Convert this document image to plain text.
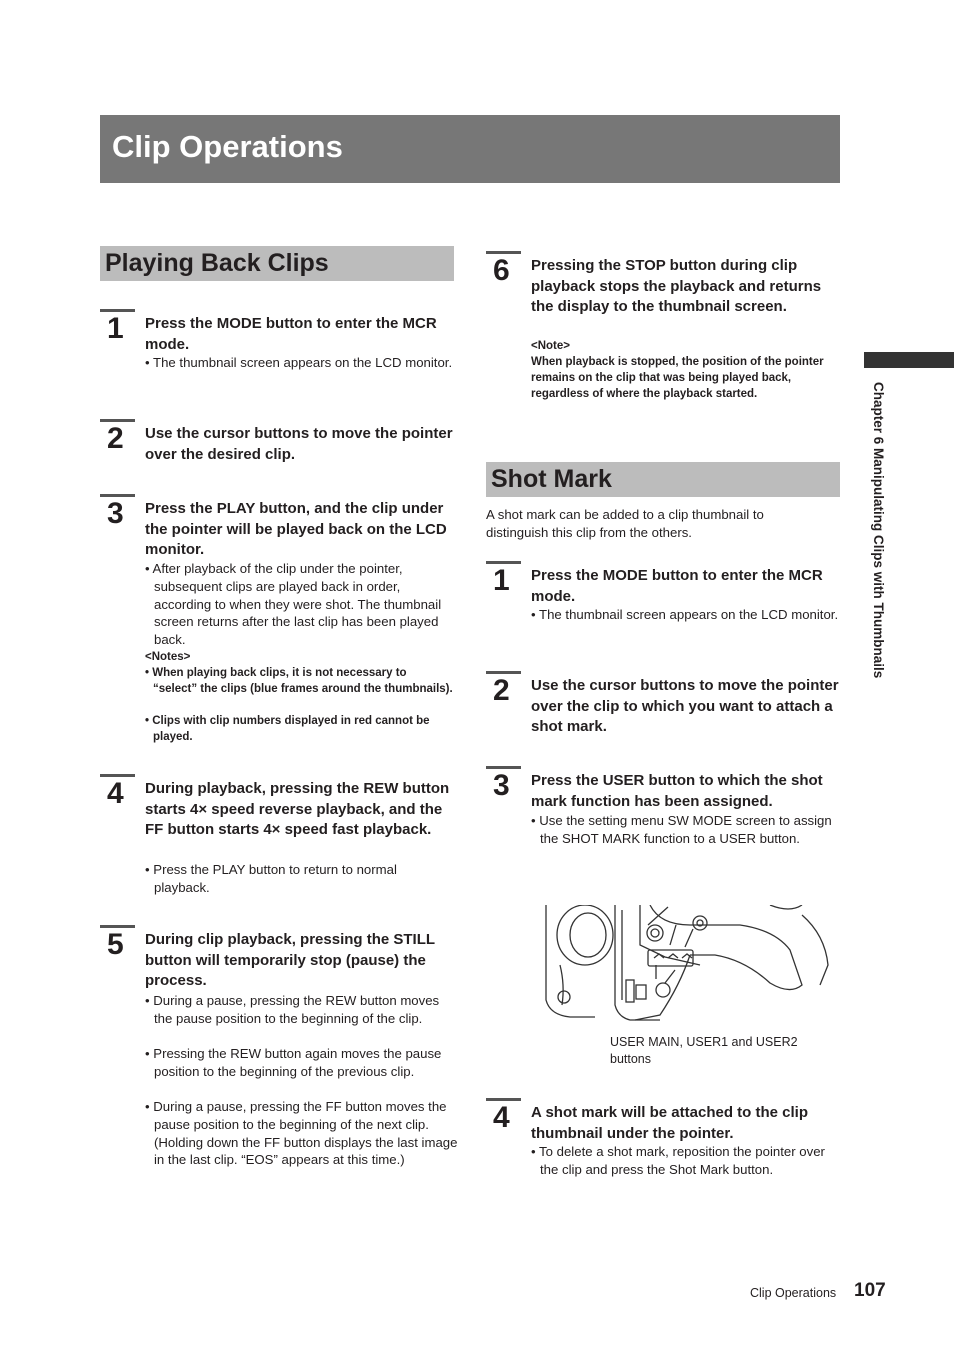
Clip Operations
Playing Back Clips
1 Press the MODE button to enter the MCR mode.
• The thumbnail screen appears on the LCD monitor.
2 Use the cursor buttons to move the pointer over the desired clip.
3 Press the PLAY button, and the clip under the pointer will be played back on the LCD monitor.
• After playback of the clip under the pointer, subsequent clips are played back in order, according to when they were shot. The thumbnail screen returns after the last clip has been played back.
<Notes>
• When playing back clips, it is not necessary to “select” the clips (blue frames around the thumbnails).
• Clips with clip numbers displayed in red cannot be played.
4 During playback, pressing the REW button starts 4× speed reverse playback, and the FF button starts 4× speed fast playback.
• Press the PLAY button to return to normal playback.
5 During clip playback, pressing the STILL button will temporarily stop (pause) the process.
• During a pause, pressing the REW button moves the pause position to the beginning of the clip.
• Pressing the REW button again moves the pause position to the beginning of the previous clip.
• During a pause, pressing the FF button moves the pause position to the beginning of the next clip. (Holding down the FF button displays the last image in the last clip. “EOS” appears at this time.)
6 Pressing the STOP button during clip playback stops the playback and returns the display to the thumbnail screen.
<Note>
When playback is stopped, the position of the pointer remains on the clip that was being played back, regardless of where the playback started.
Shot Mark
A shot mark can be added to a clip thumbnail to distinguish this clip from the others.
1 Press the MODE button to enter the MCR mode.
• The thumbnail screen appears on the LCD monitor.
2 Use the cursor buttons to move the pointer over the clip to which you want to attach a shot mark.
3 Press the USER button to which the shot mark function has been assigned.
• Use the setting menu SW MODE screen to assign the SHOT MARK function to a USER button.
USER MAIN, USER1 and USER2 buttons
4 A shot mark will be attached to the clip thumbnail under the pointer.
• To delete a shot mark, reposition the pointer over the clip and press the Shot Mark button.
Chapter 6 Manipulating Clips with Thumbnails
Clip Operations 107
